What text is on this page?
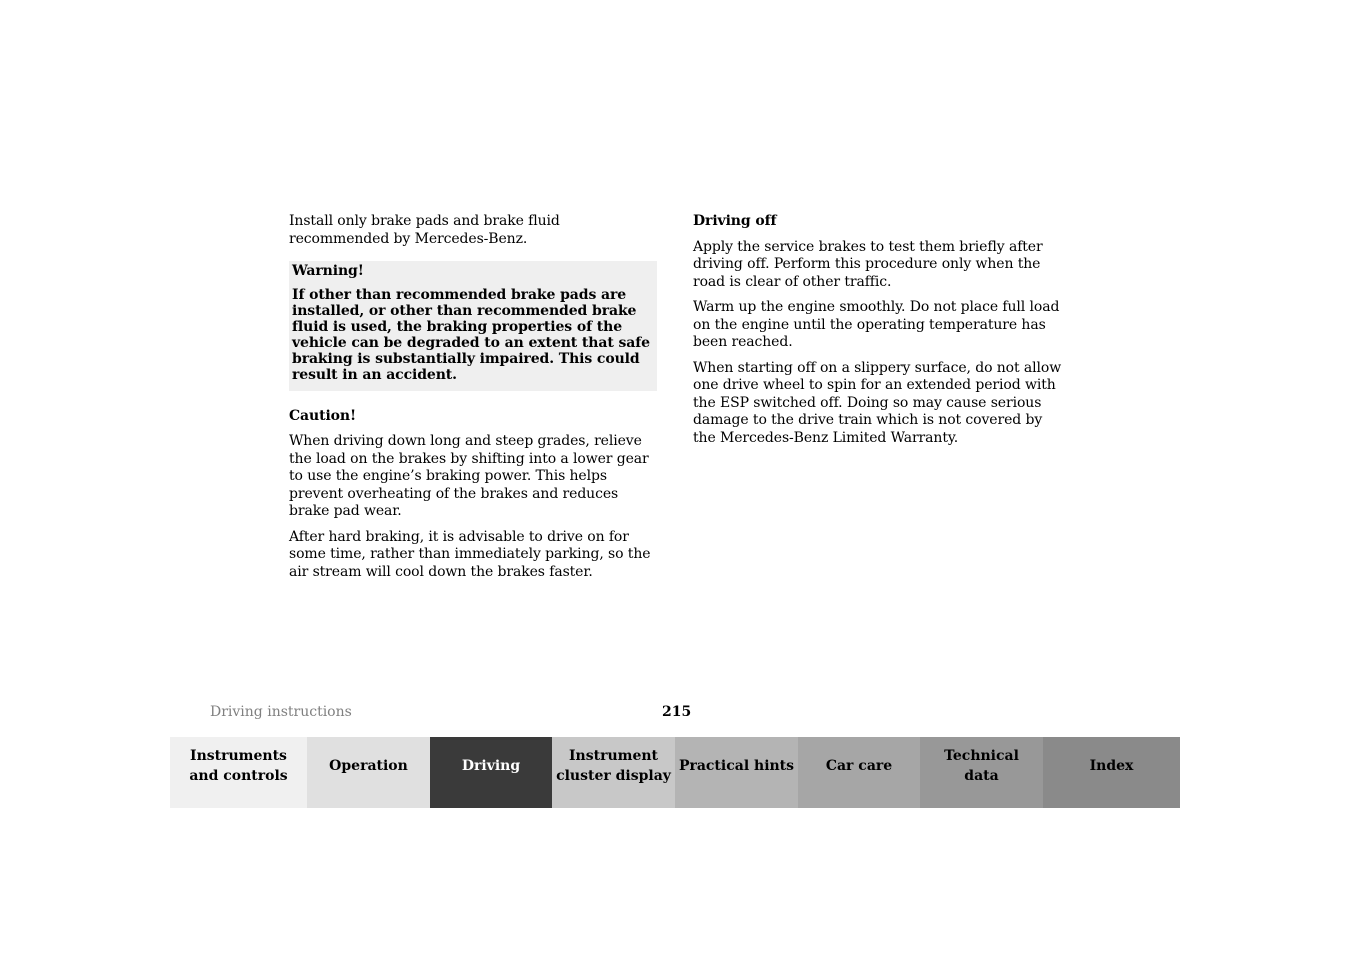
Install only brake pads and brake fluid recommended by Mercedes-Benz.

Warning!

If other than recommended brake pads are installed, or other than recommended brake fluid is used, the braking properties of the vehicle can be degraded to an extent that safe braking is substantially impaired. This could result in an accident.

Caution!

When driving down long and steep grades, relieve the load on the brakes by shifting into a lower gear to use the engine’s braking power. This helps prevent overheating of the brakes and reduces brake pad wear.

After hard braking, it is advisable to drive on for some time, rather than immediately parking, so the air stream will cool down the brakes faster.

Driving off

Apply the service brakes to test them briefly after driving off. Perform this procedure only when the road is clear of other traffic.

Warm up the engine smoothly. Do not place full load on the engine until the operating temperature has been reached.

When starting off on a slippery surface, do not allow one drive wheel to spin for an extended period with the ESP switched off. Doing so may cause serious damage to the drive train which is not covered by the Mercedes-Benz Limited Warranty.

Driving instructions	215
Instruments
and controls
Operation	Driving
Instrument
cluster display
Practical hints Car care
Technical
data
Index
